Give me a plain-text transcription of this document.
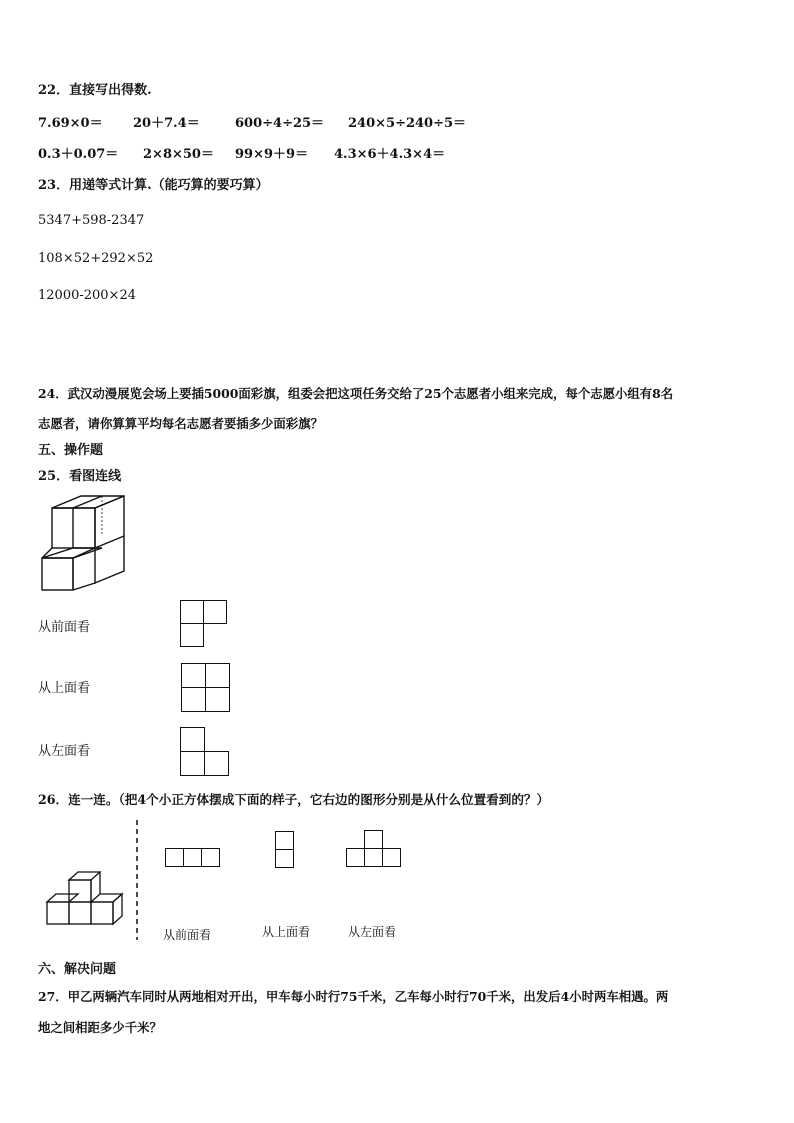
22．直接写出得数.
7.69×0＝ 20＋7.4＝	600÷4÷25＝ 240×5÷240÷5＝
0.3＋0.07＝ 2×8×50＝ 99×9＋9＝ 4.3×6＋4.3×4＝
23．用递等式计算.（能巧算的要巧算）
5347+598-2347
108×52+292×52
12000-200×24
24．武汉动漫展览会场上要插5000面彩旗，组委会把这项任务交给了25个志愿者小组来完成，每个志愿小组有8名
志愿者，请你算算平均每名志愿者要插多少面彩旗？
五、操作题
25．看图连线
从前面看
从上面看
从左面看
26．连一连。（把4个小正方体摆成下面的样子，它右边的图形分别是从什么位置看到的？）
从前面看	从上面看	从左面看
六、解决问题
27．甲乙两辆汽车同时从两地相对开出，甲车每小时行75千米，乙车每小时行70千米，出发后4小时两车相遇。两
地之间相距多少千米？
